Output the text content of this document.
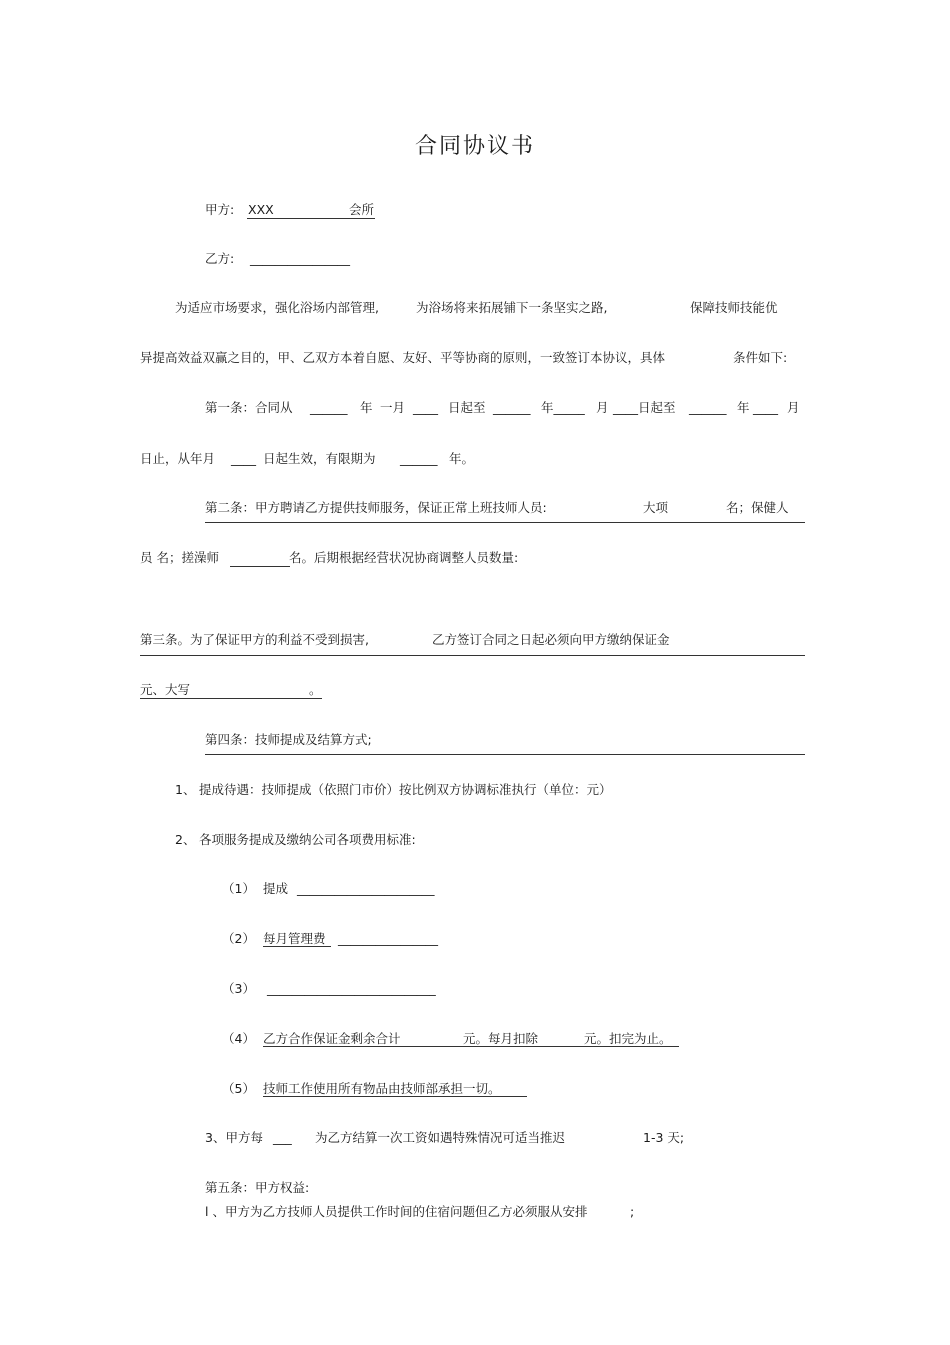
合同协议书
甲方: XXX	会所
乙方: ________________
为适应市场要求，强化浴场内部管理,	为浴场将来拓展铺下一条坚实之路,	保障技师技能优
异提高效益双赢之目的，甲、乙双方本着自愿、友好、平等协商的原则，一致签订本协议，具体	条件如下:
第一条：合同从 ______ 年 一月 ____ 日起至 ______ 年_____ 月 ____日起至 ______ 年 ____ 月
日止，从年月 ____ 日起生效，有限期为 ______ 年。
第二条：甲方聘请乙方提供技师服务，保证正常上班技师人员:	大项	名；保健人
员 名；搓澡师	名。后期根据经营状况协商调整人员数量:
第三条。为了保证甲方的利益不受到损害,	乙方签订合同之日起必须向甲方缴纳保证金
元、大写	。
第四条：技师提成及结算方式;
1、 提成待遇：技师提成（依照门市价）按比例双方协调标准执行（单位：元）
2、 各项服务提成及缴纳公司各项费用标准:
（1） 提成 ______________________
（2） 每月管理费 ________________
（3） ___________________________
（4） 乙方合作保证金剩余合计	元。每月扣除	元。扣完为止。
（5） 技师工作使用所有物品由技师部承担一切。
3、甲方每 ___ 为乙方结算一次工资如遇特殊情况可适当推迟	1-3 天;
第五条：甲方权益:
l 、甲方为乙方技师人员提供工作时间的住宿问题但乙方必须服从安排	;
